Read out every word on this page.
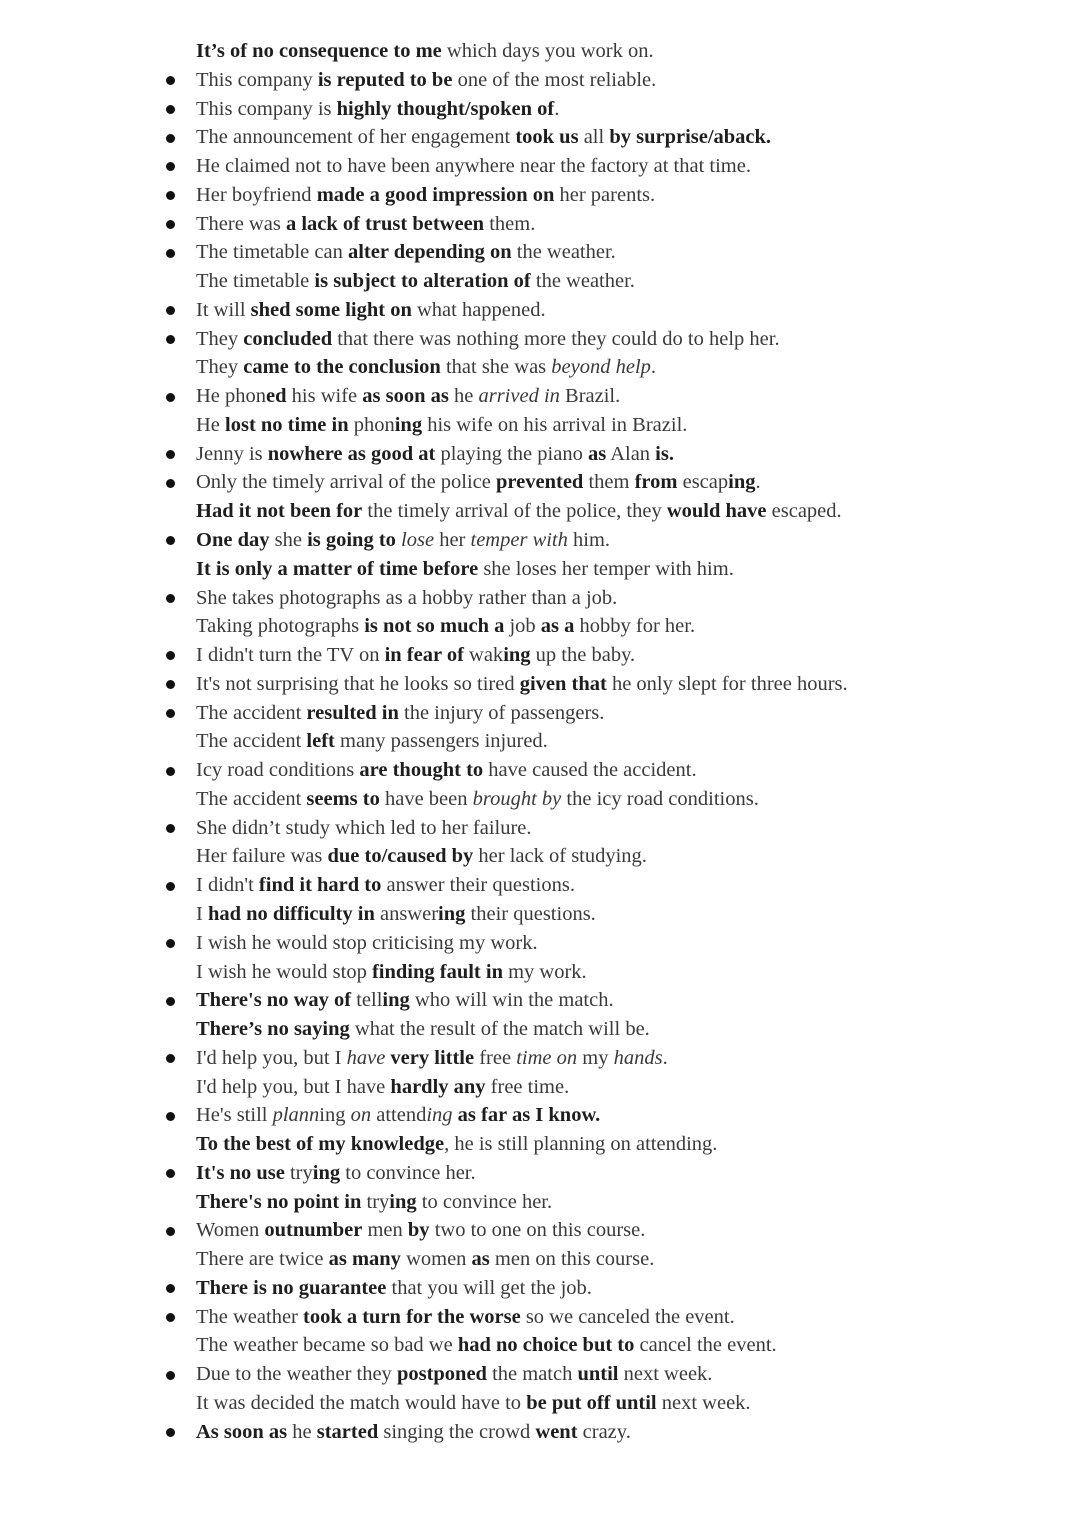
It’s of no consequence to me which days you work on.
This company is reputed to be one of the most reliable.
This company is highly thought/spoken of.
The announcement of her engagement took us all by surprise/aback.
He claimed not to have been anywhere near the factory at that time.
Her boyfriend made a good impression on her parents.
There was a lack of trust between them.
The timetable can alter depending on the weather.
The timetable is subject to alteration of the weather.
It will shed some light on what happened.
They concluded that there was nothing more they could do to help her.
They came to the conclusion that she was beyond help.
He phoned his wife as soon as he arrived in Brazil.
He lost no time in phoning his wife on his arrival in Brazil.
Jenny is nowhere as good at playing the piano as Alan is.
Only the timely arrival of the police prevented them from escaping.
Had it not been for the timely arrival of the police, they would have escaped.
One day she is going to lose her temper with him.
It is only a matter of time before she loses her temper with him.
She takes photographs as a hobby rather than a job.
Taking photographs is not so much a job as a hobby for her.
I didn't turn the TV on in fear of waking up the baby.
It's not surprising that he looks so tired given that he only slept for three hours.
The accident resulted in the injury of passengers.
The accident left many passengers injured.
Icy road conditions are thought to have caused the accident.
The accident seems to have been brought by the icy road conditions.
She didn’t study which led to her failure.
Her failure was due to/caused by her lack of studying.
I didn't find it hard to answer their questions.
I had no difficulty in answering their questions.
I wish he would stop criticising my work.
I wish he would stop finding fault in my work.
There's no way of telling who will win the match.
There’s no saying what the result of the match will be.
I'd help you, but I have very little free time on my hands.
I'd help you, but I have hardly any free time.
He's still planning on attending as far as I know.
To the best of my knowledge, he is still planning on attending.
It's no use trying to convince her.
There's no point in trying to convince her.
Women outnumber men by two to one on this course.
There are twice as many women as men on this course.
There is no guarantee that you will get the job.
The weather took a turn for the worse so we canceled the event.
The weather became so bad we had no choice but to cancel the event.
Due to the weather they postponed the match until next week.
It was decided the match would have to be put off until next week.
As soon as he started singing the crowd went crazy.
